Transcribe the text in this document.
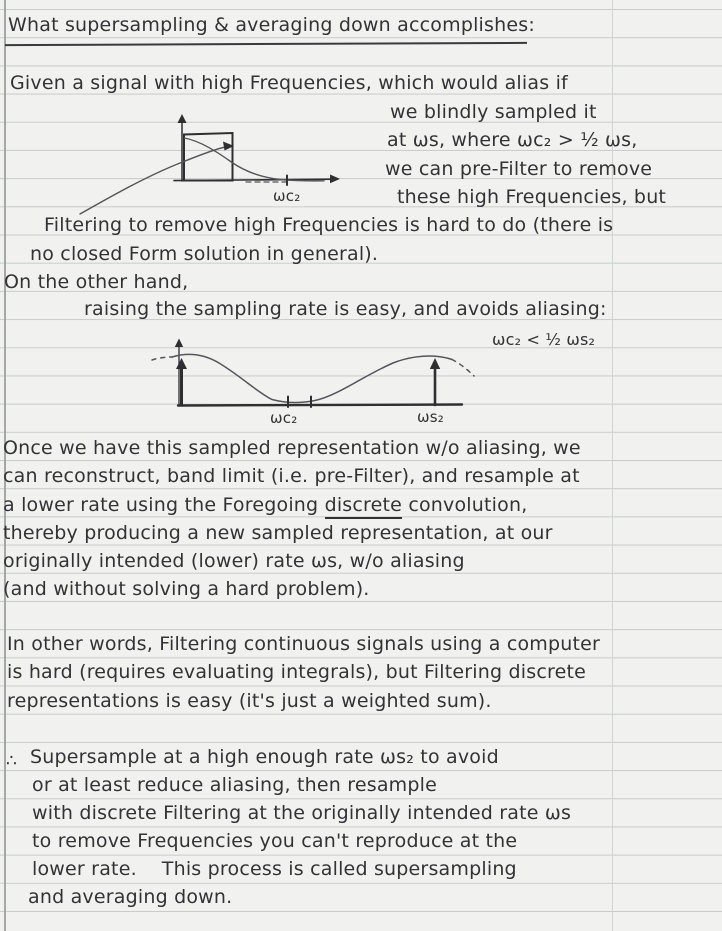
What supersampling & averaging down accomplishes:
Given a signal with high Frequencies, which would alias if
we blindly sampled it
at ωs, where ωc₂ > ½ ωs,
we can pre-Filter to remove
these high Frequencies, but
Filtering to remove high Frequencies is hard to do (there is
no closed Form solution in general).
ωc₂
On the other hand,
raising the sampling rate is easy, and avoids aliasing:
ωc₂ < ½ ωs₂
ωc₂	ωs₂
Once we have this sampled representation w/o aliasing, we
can reconstruct, band limit (i.e. pre-Filter), and resample at
a lower rate using the Foregoing discrete convolution,
thereby producing a new sampled representation, at our
originally intended (lower) rate ωs, w/o aliasing
(and without solving a hard problem).
In other words, Filtering continuous signals using a computer
is hard (requires evaluating integrals), but Filtering discrete
representations is easy (it's just a weighted sum).
∴ Supersample at a high enough rate ωs₂ to avoid
or at least reduce aliasing, then resample
with discrete Filtering at the originally intended rate ωs
to remove Frequencies you can't reproduce at the
lower rate.    This process is called supersampling
and averaging down.
